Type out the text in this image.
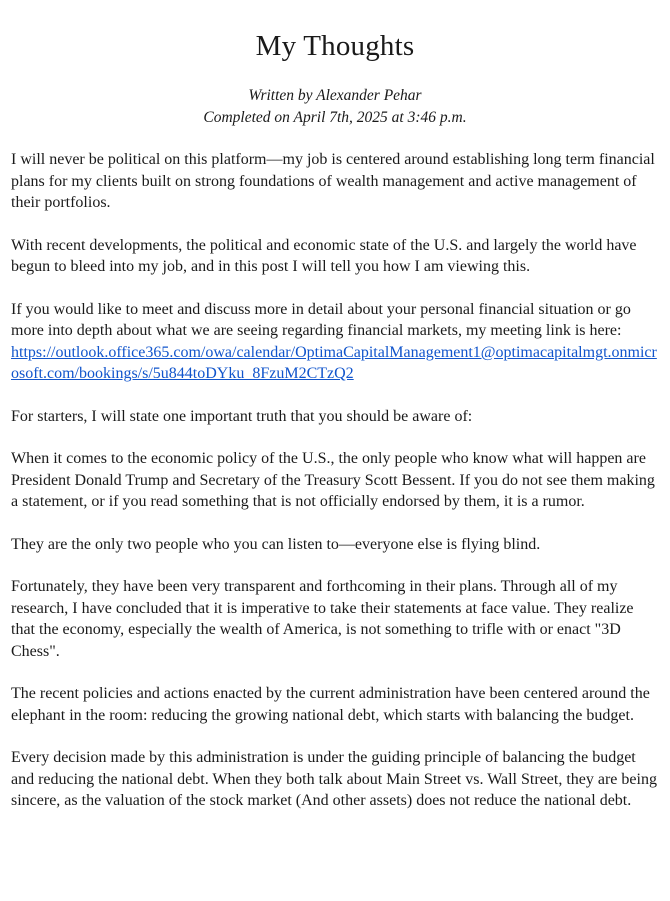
My Thoughts
Written by Alexander Pehar
Completed on April 7th, 2025 at 3:46 p.m.

I will never be political on this platform—my job is centered around establishing long term financial plans for my clients built on strong foundations of wealth management and active management of their portfolios.

With recent developments, the political and economic state of the U.S. and largely the world have begun to bleed into my job, and in this post I will tell you how I am viewing this.

If you would like to meet and discuss more in detail about your personal financial situation or go more into depth about what we are seeing regarding financial markets, my meeting link is here:
https://outlook.office365.com/owa/calendar/OptimaCapitalManagement1@optimacapitalmgt.onmicrosoft.com/bookings/s/5u844toDYku_8FzuM2CTzQ2

For starters, I will state one important truth that you should be aware of:

When it comes to the economic policy of the U.S., the only people who know what will happen are President Donald Trump and Secretary of the Treasury Scott Bessent. If you do not see them making a statement, or if you read something that is not officially endorsed by them, it is a rumor.

They are the only two people who you can listen to—everyone else is flying blind.

Fortunately, they have been very transparent and forthcoming in their plans. Through all of my research, I have concluded that it is imperative to take their statements at face value. They realize that the economy, especially the wealth of America, is not something to trifle with or enact "3D Chess".

The recent policies and actions enacted by the current administration have been centered around the elephant in the room: reducing the growing national debt, which starts with balancing the budget.

Every decision made by this administration is under the guiding principle of balancing the budget and reducing the national debt. When they both talk about Main Street vs. Wall Street, they are being sincere, as the valuation of the stock market (And other assets) does not reduce the national debt.
